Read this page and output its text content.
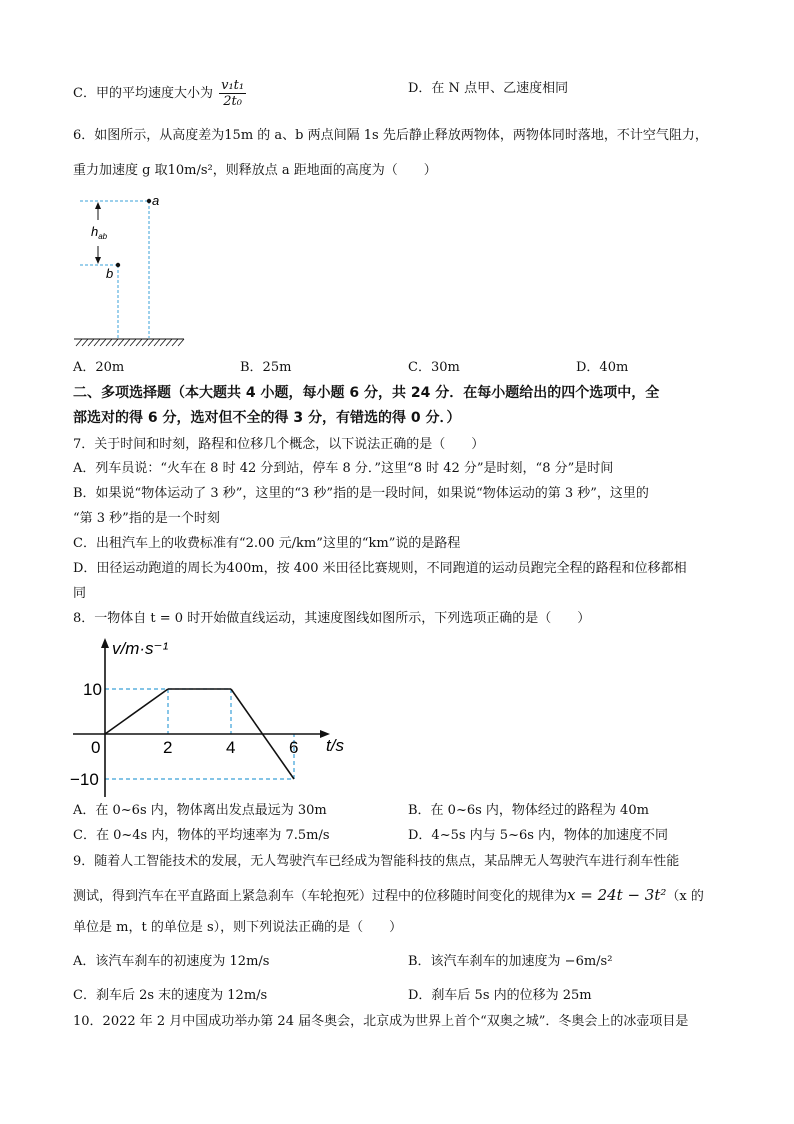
C．甲的平均速度大小为 $\frac{\text{v₁t₁}}{\text{2t₀}}$	D．在 N 点甲、乙速度相同
6．如图所示，从高度差为15m 的 a、b 两点间隔 1s 先后静止释放两物体，两物体同时落地，不计空气阻力，
重力加速度 g 取10m/s²，则释放点 a 距地面的高度为（　　）
a
b
$h_{ab}$
A．20m	B．25m	C．30m	D．40m
二、多项选择题（本大题共 4 小题，每小题 6 分，共 24 分．在每小题给出的四个选项中，全
部选对的得 6 分，选对但不全的得 3 分，有错选的得 0 分．）
7．关于时间和时刻，路程和位移几个概念，以下说法正确的是（　　）
A．列车员说：“火车在 8 时 42 分到站，停车 8 分．”这里“8 时 42 分”是时刻，“8 分”是时间
B．如果说“物体运动了 3 秒”，这里的“3 秒”指的是一段时间，如果说“物体运动的第 3 秒”，这里的
“第 3 秒”指的是一个时刻
C．出租汽车上的收费标准有“2.00 元/km”这里的“km”说的是路程
D．田径运动跑道的周长为400m，按 400 米田径比赛规则，不同跑道的运动员跑完全程的路程和位移都相
同
8．一物体自 t = 0 时开始做直线运动，其速度图线如图所示，下列选项正确的是（　　）
0	2	4	6
10
−10
v/m·s⁻¹
t/s
A．在 0~6s 内，物体离出发点最远为 30m	B．在 0~6s 内，物体经过的路程为 40m
C．在 0~4s 内，物体的平均速率为 7.5m/s	D．4~5s 内与 5~6s 内，物体的加速度不同
9．随着人工智能技术的发展，无人驾驶汽车已经成为智能科技的焦点，某品牌无人驾驶汽车进行刹车性能
测试，得到汽车在平直路面上紧急刹车（车轮抱死）过程中的位移随时间变化的规律为x = 24t − 3t²（x 的
单位是 m，t 的单位是 s），则下列说法正确的是（　　）
A．该汽车刹车的初速度为 12m/s	B．该汽车刹车的加速度为 −6m/s²
C．刹车后 2s 末的速度为 12m/s	D．刹车后 5s 内的位移为 25m
10．2022 年 2 月中国成功举办第 24 届冬奥会，北京成为世界上首个“双奥之城”．冬奥会上的冰壶项目是
